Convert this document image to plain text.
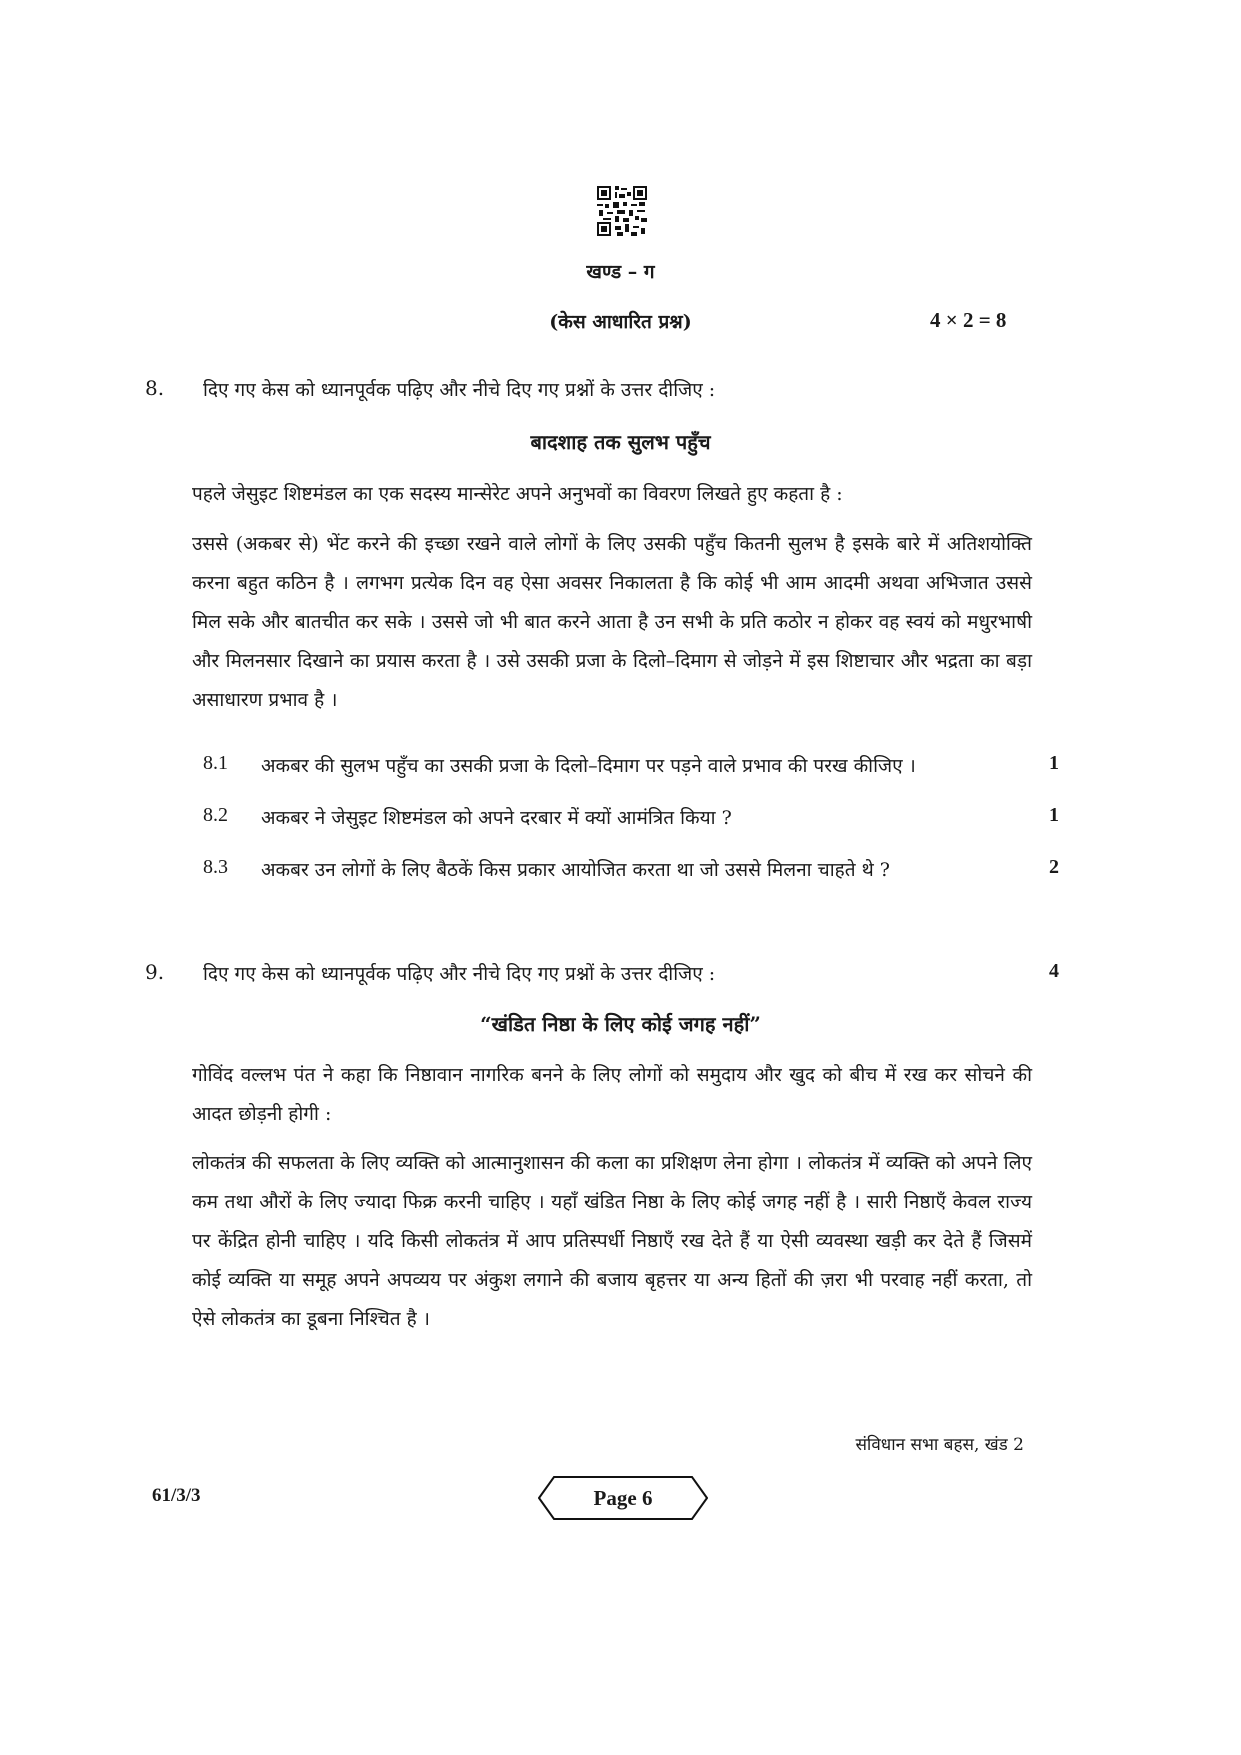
खण्ड – ग
(केस आधारित प्रश्न)	4 × 2 = 8
8. दिए गए केस को ध्यानपूर्वक पढ़िए और नीचे दिए गए प्रश्नों के उत्तर दीजिए :
बादशाह तक सुलभ पहुँच
पहले जेसुइट शिष्टमंडल का एक सदस्य मान्सेरेट अपने अनुभवों का विवरण लिखते हुए कहता है :
उससे (अकबर से) भेंट करने की इच्छा रखने वाले लोगों के लिए उसकी पहुँच कितनी सुलभ है इसके बारे में अतिशयोक्ति करना बहुत कठिन है । लगभग प्रत्येक दिन वह ऐसा अवसर निकालता है कि कोई भी आम आदमी अथवा अभिजात उससे मिल सके और बातचीत कर सके । उससे जो भी बात करने आता है उन सभी के प्रति कठोर न होकर वह स्वयं को मधुरभाषी और मिलनसार दिखाने का प्रयास करता है । उसे उसकी प्रजा के दिलो–दिमाग से जोड़ने में इस शिष्टाचार और भद्रता का बड़ा असाधारण प्रभाव है ।
8.1 अकबर की सुलभ पहुँच का उसकी प्रजा के दिलो–दिमाग पर पड़ने वाले प्रभाव की परख कीजिए ।	1
8.2 अकबर ने जेसुइट शिष्टमंडल को अपने दरबार में क्यों आमंत्रित किया ?	1
8.3 अकबर उन लोगों के लिए बैठकें किस प्रकार आयोजित करता था जो उससे मिलना चाहते थे ?	2
9. दिए गए केस को ध्यानपूर्वक पढ़िए और नीचे दिए गए प्रश्नों के उत्तर दीजिए :	4
“खंडित निष्ठा के लिए कोई जगह नहीं”
गोविंद वल्लभ पंत ने कहा कि निष्ठावान नागरिक बनने के लिए लोगों को समुदाय और खुद को बीच में रख कर सोचने की आदत छोड़नी होगी :
लोकतंत्र की सफलता के लिए व्यक्ति को आत्मानुशासन की कला का प्रशिक्षण लेना होगा । लोकतंत्र में व्यक्ति को अपने लिए कम तथा औरों के लिए ज्यादा फिक्र करनी चाहिए । यहाँ खंडित निष्ठा के लिए कोई जगह नहीं है । सारी निष्ठाएँ केवल राज्य पर केंद्रित होनी चाहिए । यदि किसी लोकतंत्र में आप प्रतिस्पर्धी निष्ठाएँ रख देते हैं या ऐसी व्यवस्था खड़ी कर देते हैं जिसमें कोई व्यक्ति या समूह अपने अपव्यय पर अंकुश लगाने की बजाय बृहत्तर या अन्य हितों की ज़रा भी परवाह नहीं करता, तो ऐसे लोकतंत्र का डूबना निश्चित है ।
संविधान सभा बहस, खंड 2
61/3/3	Page 6
